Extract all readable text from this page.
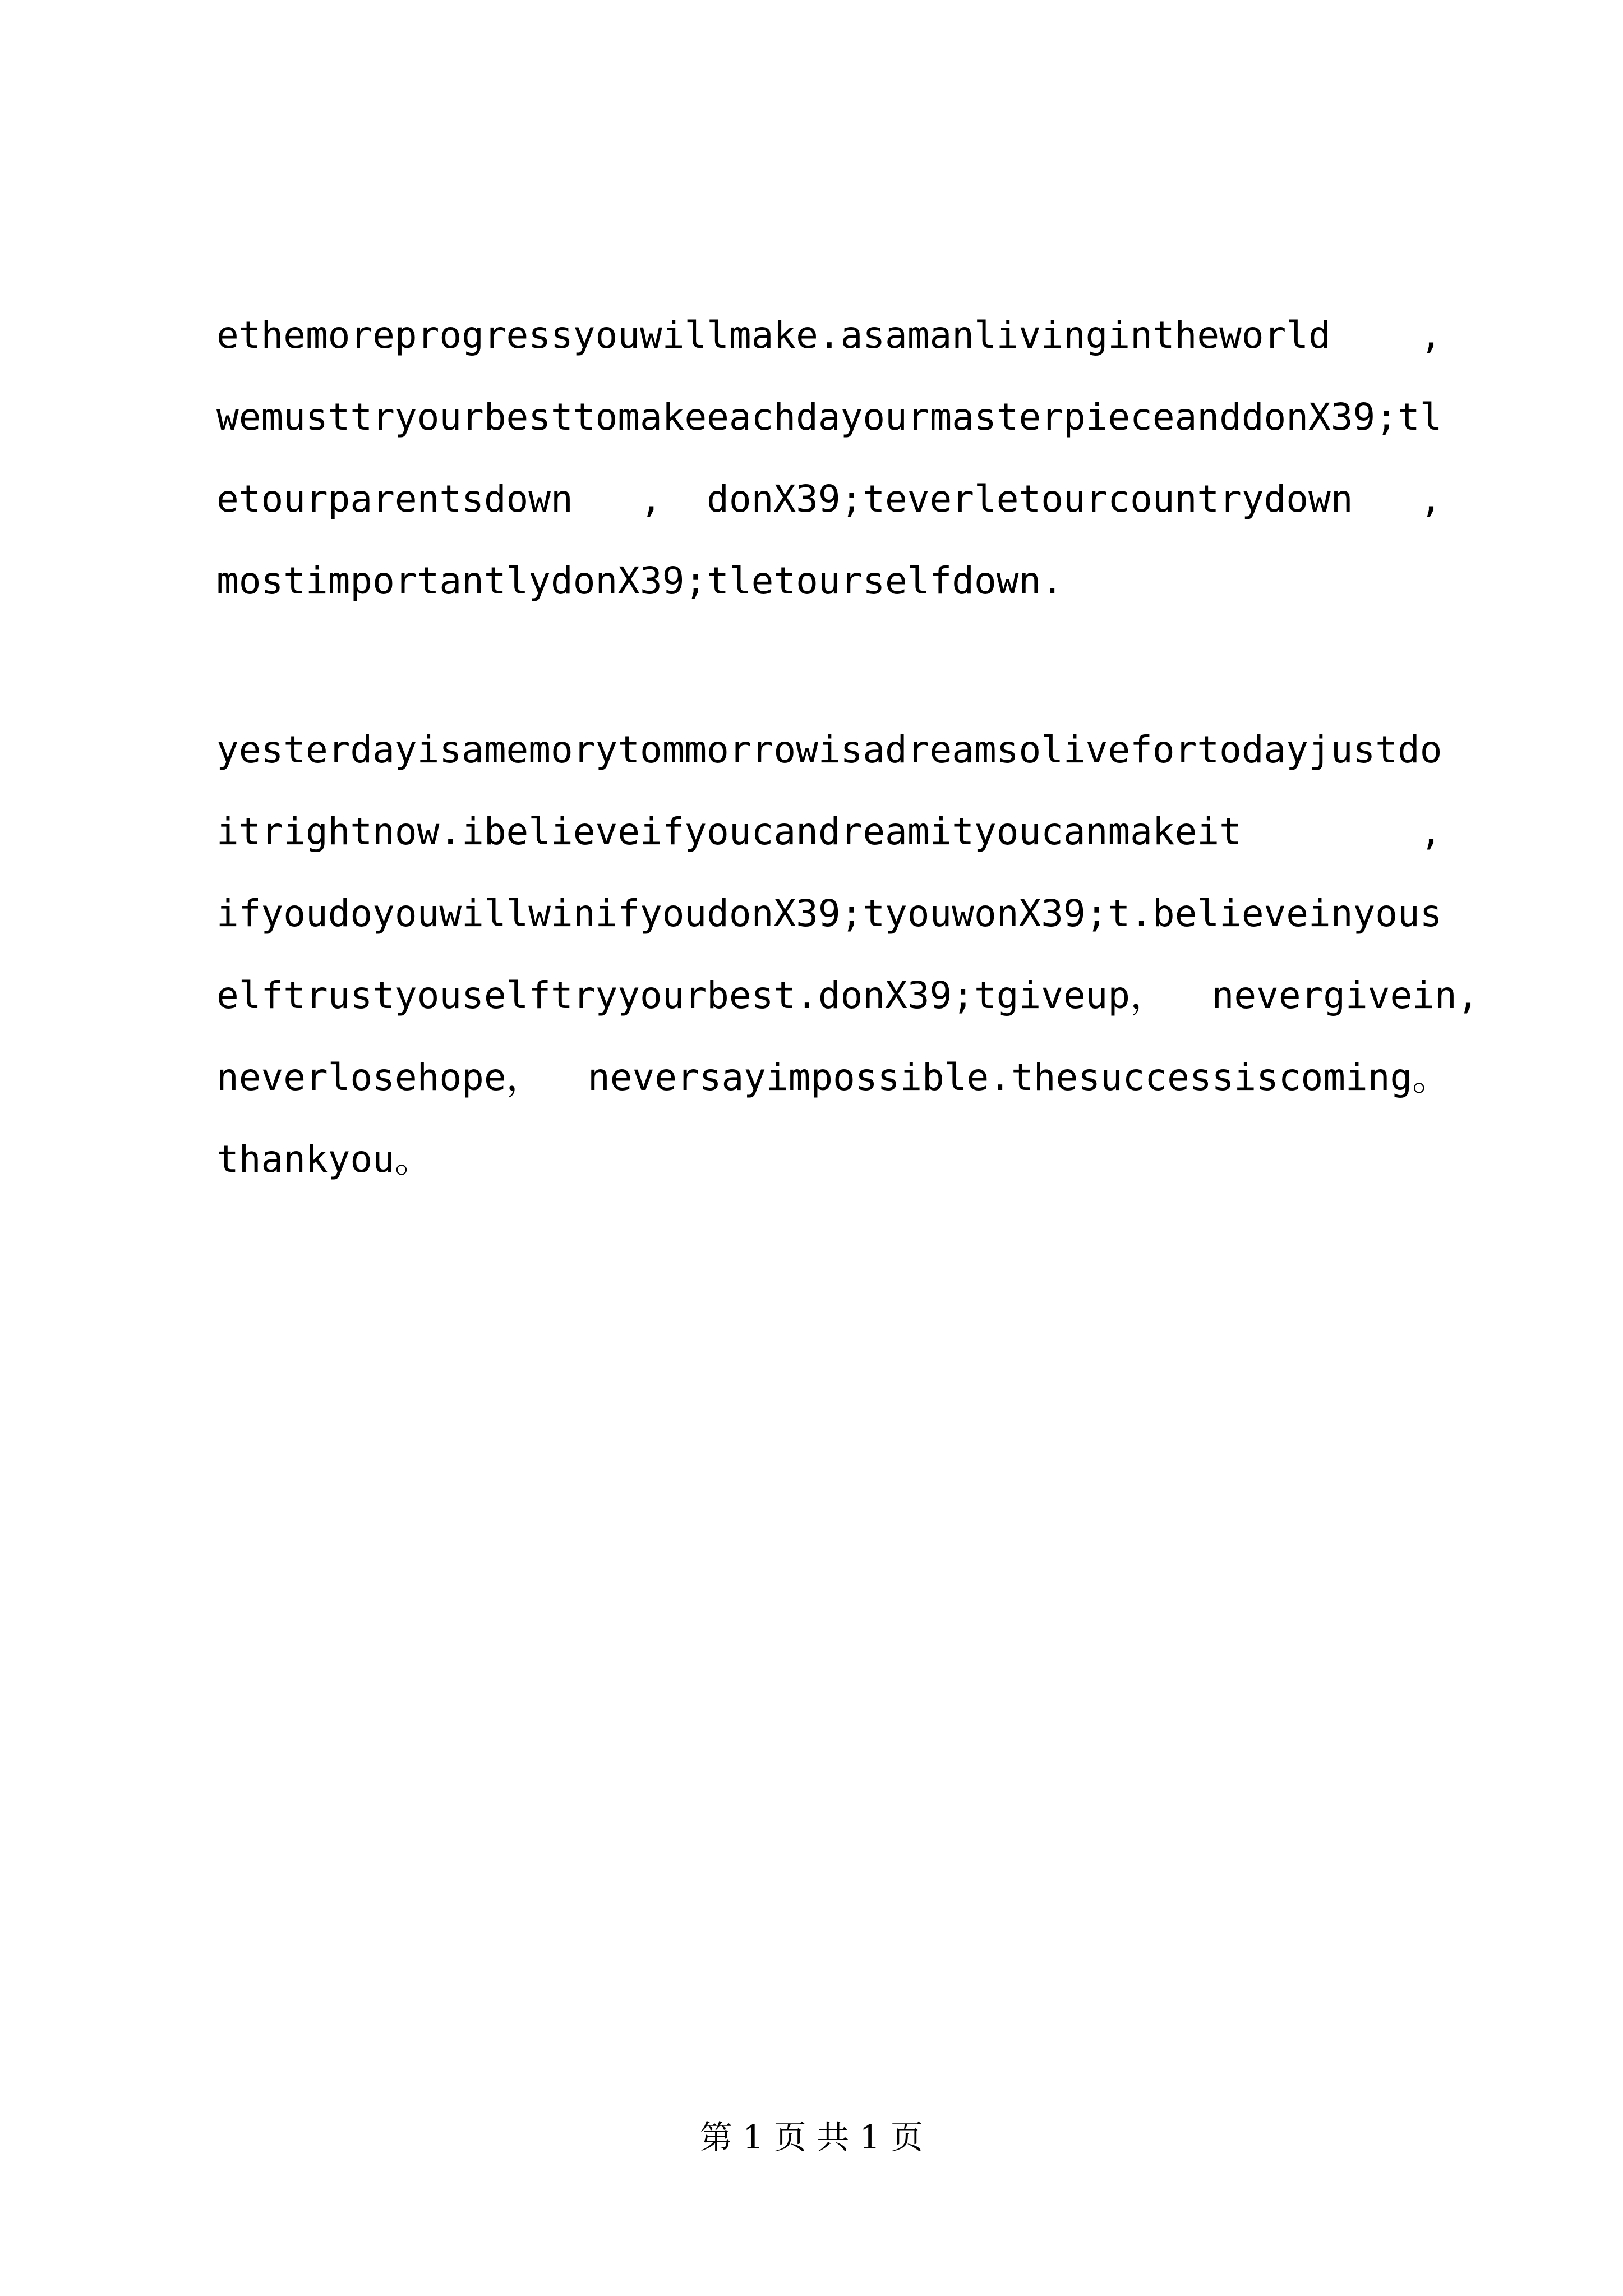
ethemoreprogressyouwillmake.asamanlivingintheworld    ,

wemusttryourbesttomakeeachdayourmasterpieceanddonX39;tl

etourparentsdown   ,  donX39;teverletourcountrydown   ,

mostimportantlydonX39;tletourselfdown.

yesterdayisamemorytommorrowisadreamsolivefortodayjustdo

itrightnow.ibelieveifyoucandreamityoucanmakeit        ,

ifyoudoyouwillwinifyoudonX39;tyouwonX39;t.believeinyous

elftrustyouselftryyourbest.donX39;tgiveup，  nevergivein,

neverlosehope，  neversayimpossible.thesuccessiscoming。

thankyou。

第 1 页 共 1 页
